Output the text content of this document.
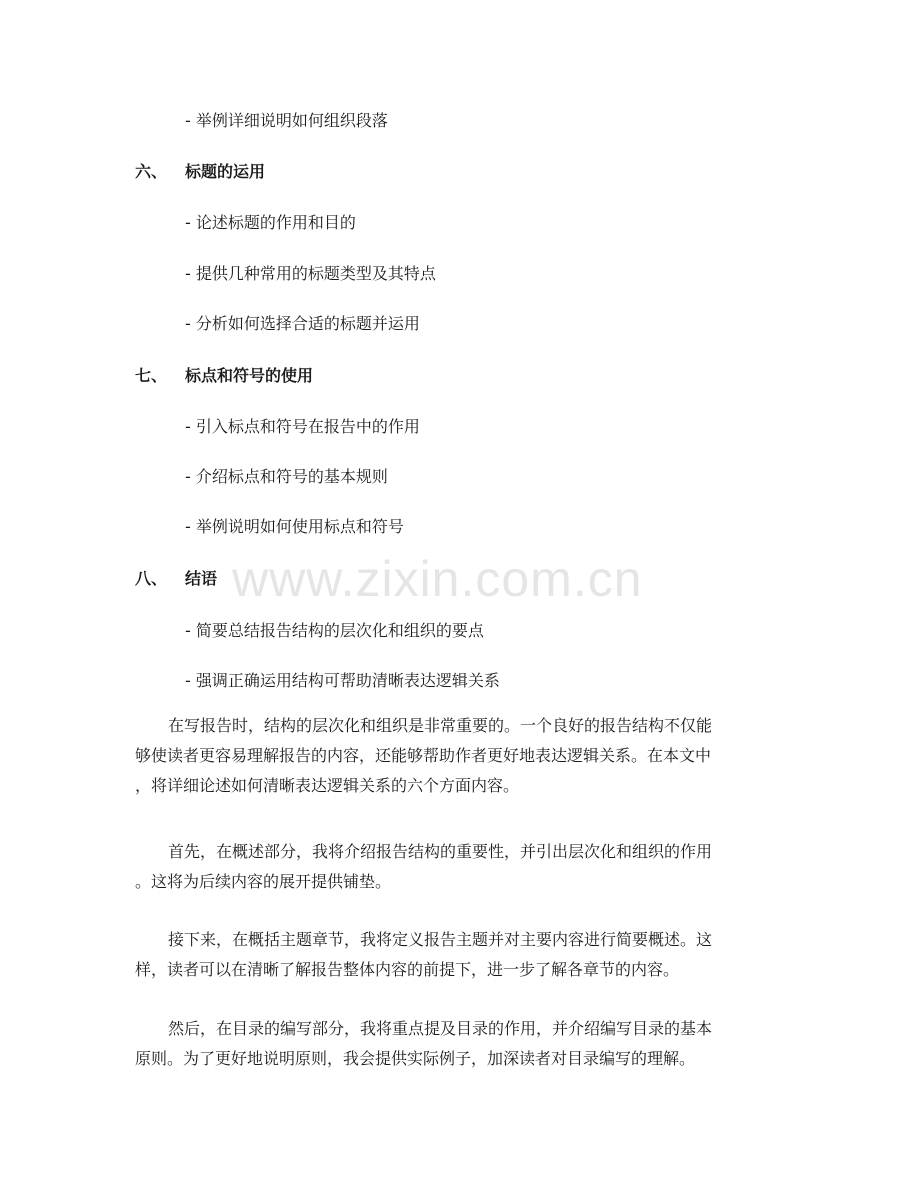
- 举例详细说明如何组织段落
六、 标题的运用
- 论述标题的作用和目的
- 提供几种常用的标题类型及其特点
- 分析如何选择合适的标题并运用
七、 标点和符号的使用
- 引入标点和符号在报告中的作用
- 介绍标点和符号的基本规则
- 举例说明如何使用标点和符号
八、 结语
- 简要总结报告结构的层次化和组织的要点
- 强调正确运用结构可帮助清晰表达逻辑关系
在写报告时，结构的层次化和组织是非常重要的。一个良好的报告结构不仅能
够使读者更容易理解报告的内容，还能够帮助作者更好地表达逻辑关系。在本文中
，将详细论述如何清晰表达逻辑关系的六个方面内容。
首先，在概述部分，我将介绍报告结构的重要性，并引出层次化和组织的作用
。这将为后续内容的展开提供铺垫。
接下来，在概括主题章节，我将定义报告主题并对主要内容进行简要概述。这
样，读者可以在清晰了解报告整体内容的前提下，进一步了解各章节的内容。
然后，在目录的编写部分，我将重点提及目录的作用，并介绍编写目录的基本
原则。为了更好地说明原则，我会提供实际例子，加深读者对目录编写的理解。
www.zixin.com.cn
